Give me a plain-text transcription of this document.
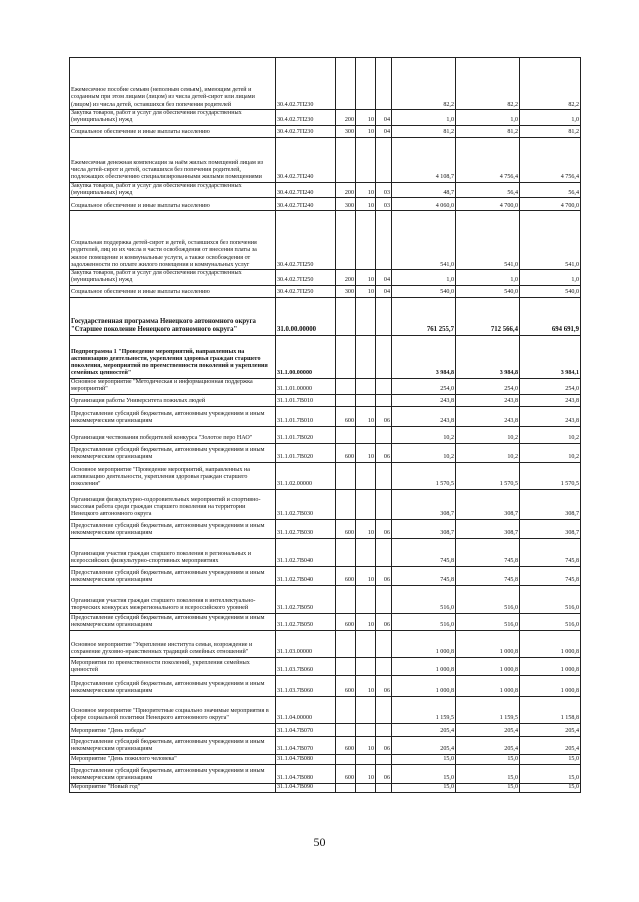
Ежемесячное пособие семьям (неполным семьям), имеющим детей и созданным при этом лицами (лицом) из числа детей-сирот или лицами (лицом) из числа детей, оставшихся без попечения родителей	30.4.02.7П230				82,2	82,2	82,2
Закупка товаров, работ и услуг для обеспечения государственных (муниципальных) нужд	30.4.02.7П230	200	10	04	1,0	1,0	1,0
Социальное обеспечение и иные выплаты населению	30.4.02.7П230	300	10	04	81,2	81,2	81,2
Ежемесячная денежная компенсация за наём жилых помещений лицам из числа детей-сирот и детей, оставшихся без попечения родителей, подлежащих обеспечению специализированными жилыми помещениями	30.4.02.7П240				4 108,7	4 756,4	4 756,4
Закупка товаров, работ и услуг для обеспечения государственных (муниципальных) нужд	30.4.02.7П240	200	10	03	48,7	56,4	56,4
Социальное обеспечение и иные выплаты населению	30.4.02.7П240	300	10	03	4 060,0	4 700,0	4 700,0
Социальная поддержка детей-сирот и детей, оставшихся без попечения родителей, лиц из их числа в части освобождения от внесения платы за жилое помещение и коммунальные услуги, а также освобождения от задолженности по оплате жилого помещения и коммунальных услуг	30.4.02.7П250				541,0	541,0	541,0
Закупка товаров, работ и услуг для обеспечения государственных (муниципальных) нужд	30.4.02.7П250	200	10	04	1,0	1,0	1,0
Социальное обеспечение и иные выплаты населению	30.4.02.7П250	300	10	04	540,0	540,0	540,0
Государственная программа Ненецкого автономного округа "Старшее поколение Ненецкого автономного округа"	31.0.00.00000				761 255,7	712 566,4	694 691,9
Подпрограмма 1 "Проведение мероприятий, направленных на активизацию деятельности, укрепления здоровья граждан старшего поколения, мероприятий по преемственности поколений и укрепления семейных ценностей"	31.1.00.00000				3 984,8	3 984,8	3 984,1
Основное мероприятие "Методическая и информационная поддержка мероприятий"	31.1.01.00000				254,0	254,0	254,0
Организация работы Университета пожилых людей	31.1.01.7В010				243,8	243,8	243,8
Предоставление субсидий бюджетным, автономным учреждениям и иным некоммерческим организациям	31.1.01.7В010	600	10	06	243,8	243,8	243,8
Организация чествования победителей конкурса "Золотое перо НАО"	31.1.01.7В020				10,2	10,2	10,2
Предоставление субсидий бюджетным, автономным учреждениям и иным некоммерческим организациям	31.1.01.7В020	600	10	06	10,2	10,2	10,2
Основное мероприятие "Проведение мероприятий, направленных на активизацию деятельности, укрепления здоровья граждан старшего поколения"	31.1.02.00000				1 570,5	1 570,5	1 570,5
Организация физкультурно-оздоровительных мероприятий и спортивно-массовая работа среди граждан старшего поколения на территории Ненецкого автономного округа	31.1.02.7В030				308,7	308,7	308,7
Предоставление субсидий бюджетным, автономным учреждениям и иным некоммерческим организациям	31.1.02.7В030	600	10	06	308,7	308,7	308,7
Организация участия граждан старшего поколения в региональных и всероссийских физкультурно-спортивных мероприятиях	31.1.02.7В040				745,8	745,8	745,8
Предоставление субсидий бюджетным, автономным учреждениям и иным некоммерческим организациям	31.1.02.7В040	600	10	06	745,8	745,8	745,8
Организация участия граждан старшего поколения в интеллектуально-творческих конкурсах межрегионального и всероссийского уровней	31.1.02.7В050				516,0	516,0	516,0
Предоставление субсидий бюджетным, автономным учреждениям и иным некоммерческим организациям	31.1.02.7В050	600	10	06	516,0	516,0	516,0
Основное мероприятие "Укрепление института семьи, возрождение и сохранение духовно-нравственных традиций семейных отношений"	31.1.03.00000				1 000,8	1 000,8	1 000,8
Мероприятия по преемственности поколений, укрепления семейных ценностей	31.1.03.7В060				1 000,8	1 000,8	1 000,8
Предоставление субсидий бюджетным, автономным учреждениям и иным некоммерческим организациям	31.1.03.7В060	600	10	06	1 000,8	1 000,8	1 000,8
Основное мероприятие "Приоритетные социально значимые мероприятия в сфере социальной политики Ненецкого автономного округа"	31.1.04.00000				1 159,5	1 159,5	1 158,8
Мероприятие "День победы"	31.1.04.7В070				205,4	205,4	205,4
Предоставление субсидий бюджетным, автономным учреждениям и иным некоммерческим организациям	31.1.04.7В070	600	10	06	205,4	205,4	205,4
Мероприятие "День пожилого человека"	31.1.04.7В080				15,0	15,0	15,0
Предоставление субсидий бюджетным, автономным учреждениям и иным некоммерческим организациям	31.1.04.7В080	600	10	06	15,0	15,0	15,0
Мероприятие "Новый год"	31.1.04.7В090				15,0	15,0	15,0
50
